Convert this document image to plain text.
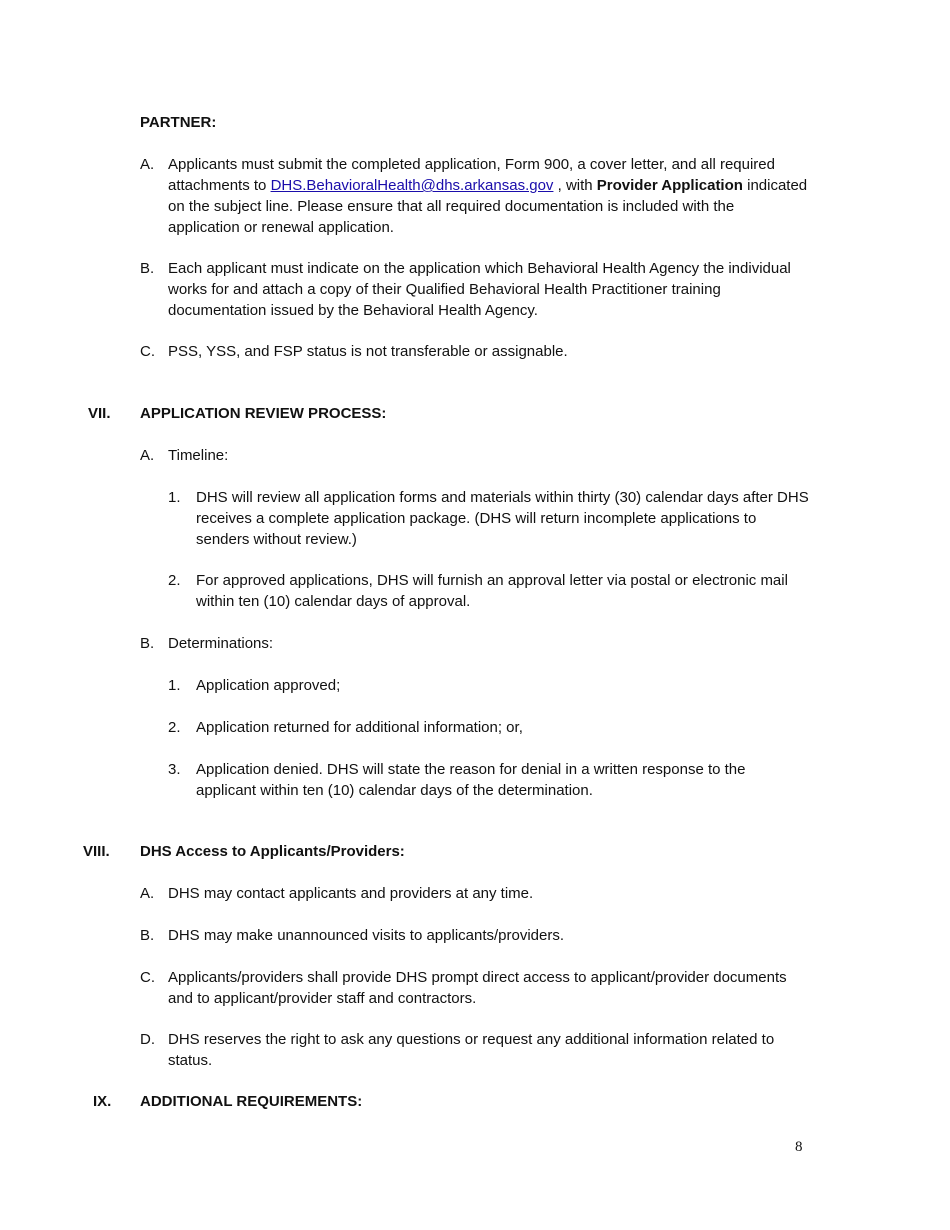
PARTNER:
A. Applicants must submit the completed application, Form 900, a cover letter, and all required
attachments to DHS.BehavioralHealth@dhs.arkansas.gov , with Provider Application indicated
on the subject line. Please ensure that all required documentation is included with the
application or renewal application.
B. Each applicant must indicate on the application which Behavioral Health Agency the individual
works for and attach a copy of their Qualified Behavioral Health Practitioner training
documentation issued by the Behavioral Health Agency.
C. PSS, YSS, and FSP status is not transferable or assignable.
VII. APPLICATION REVIEW PROCESS:
A. Timeline:
1. DHS will review all application forms and materials within thirty (30) calendar days after DHS
receives a complete application package. (DHS will return incomplete applications to
senders without review.)
2. For approved applications, DHS will furnish an approval letter via postal or electronic mail
within ten (10) calendar days of approval.
B. Determinations:
1. Application approved;
2. Application returned for additional information; or,
3. Application denied. DHS will state the reason for denial in a written response to the
applicant within ten (10) calendar days of the determination.
VIII. DHS Access to Applicants/Providers:
A. DHS may contact applicants and providers at any time.
B. DHS may make unannounced visits to applicants/providers.
C. Applicants/providers shall provide DHS prompt direct access to applicant/provider documents
and to applicant/provider staff and contractors.
D. DHS reserves the right to ask any questions or request any additional information related to
status.
IX. ADDITIONAL REQUIREMENTS:
8
